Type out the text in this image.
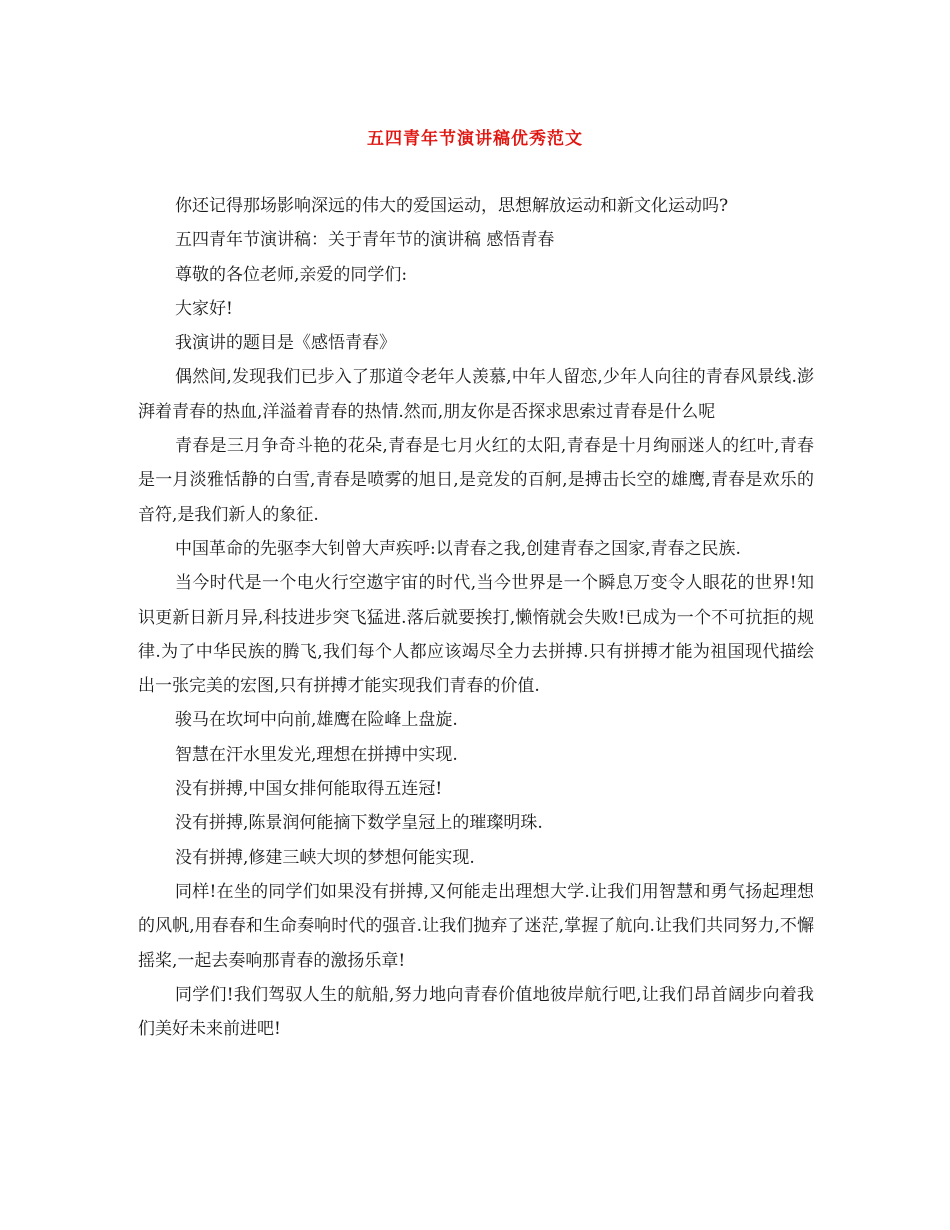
五四青年节演讲稿优秀范文

你还记得那场影响深远的伟大的爱国运动，思想解放运动和新文化运动吗?

五四青年节演讲稿：关于青年节的演讲稿 感悟青春

尊敬的各位老师,亲爱的同学们:

大家好!

我演讲的题目是《感悟青春》

偶然间,发现我们已步入了那道令老年人羡慕,中年人留恋,少年人向往的青春风景线.澎湃着青春的热血,洋溢着青春的热情.然而,朋友你是否探求思索过青春是什么呢

青春是三月争奇斗艳的花朵,青春是七月火红的太阳,青春是十月绚丽迷人的红叶,青春是一月淡雅恬静的白雪,青春是喷雾的旭日,是竞发的百舸,是搏击长空的雄鹰,青春是欢乐的音符,是我们新人的象征.

中国革命的先驱李大钊曾大声疾呼:以青春之我,创建青春之国家,青春之民族.

当今时代是一个电火行空遨宇宙的时代,当今世界是一个瞬息万变令人眼花的世界!知识更新日新月异,科技进步突飞猛进.落后就要挨打,懒惰就会失败!已成为一个不可抗拒的规律.为了中华民族的腾飞,我们每个人都应该竭尽全力去拼搏.只有拼搏才能为祖国现代描绘出一张完美的宏图,只有拼搏才能实现我们青春的价值.

骏马在坎坷中向前,雄鹰在险峰上盘旋.

智慧在汗水里发光,理想在拼搏中实现.

没有拼搏,中国女排何能取得五连冠!

没有拼搏,陈景润何能摘下数学皇冠上的璀璨明珠.

没有拼搏,修建三峡大坝的梦想何能实现.

同样!在坐的同学们如果没有拼搏,又何能走出理想大学.让我们用智慧和勇气扬起理想的风帆,用春春和生命奏响时代的强音.让我们抛弃了迷茫,掌握了航向.让我们共同努力,不懈摇桨,一起去奏响那青春的激扬乐章!

同学们!我们驾驭人生的航船,努力地向青春价值地彼岸航行吧,让我们昂首阔步向着我们美好未来前进吧!
